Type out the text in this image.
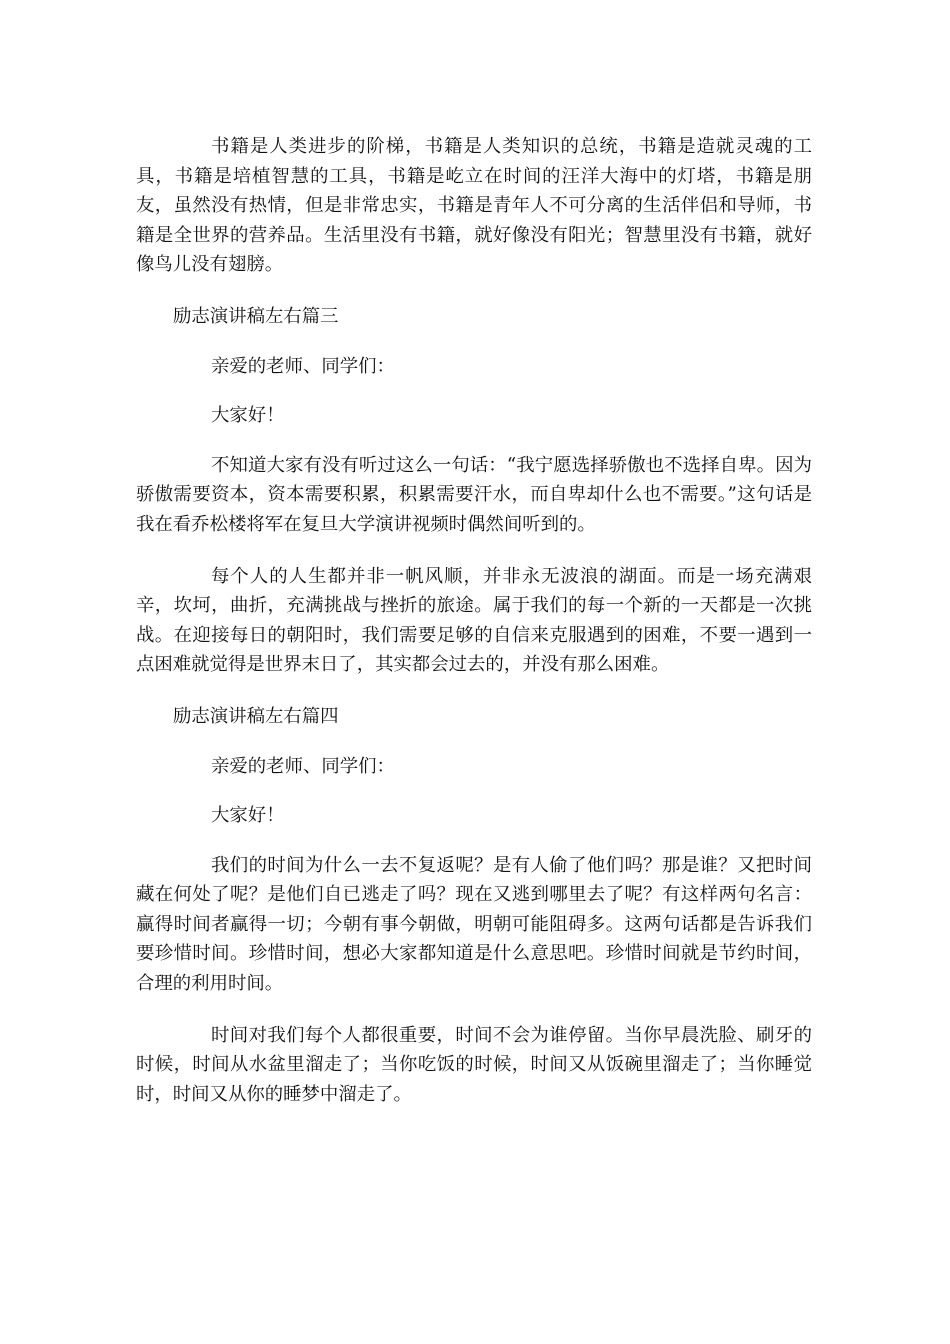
书籍是人类进步的阶梯，书籍是人类知识的总统，书籍是造就灵魂的工具，书籍是培植智慧的工具，书籍是屹立在时间的汪洋大海中的灯塔，书籍是朋友，虽然没有热情，但是非常忠实，书籍是青年人不可分离的生活伴侣和导师，书籍是全世界的营养品。生活里没有书籍，就好像没有阳光；智慧里没有书籍，就好像鸟儿没有翅膀。

励志演讲稿左右篇三

亲爱的老师、同学们：

大家好！

不知道大家有没有听过这么一句话：“我宁愿选择骄傲也不选择自卑。因为骄傲需要资本，资本需要积累，积累需要汗水，而自卑却什么也不需要。”这句话是我在看乔松楼将军在复旦大学演讲视频时偶然间听到的。

每个人的人生都并非一帆风顺，并非永无波浪的湖面。而是一场充满艰辛，坎坷，曲折，充满挑战与挫折的旅途。属于我们的每一个新的一天都是一次挑战。在迎接每日的朝阳时，我们需要足够的自信来克服遇到的困难，不要一遇到一点困难就觉得是世界末日了，其实都会过去的，并没有那么困难。

励志演讲稿左右篇四

亲爱的老师、同学们：

大家好！

我们的时间为什么一去不复返呢？是有人偷了他们吗？那是谁？又把时间藏在何处了呢？是他们自已逃走了吗？现在又逃到哪里去了呢？有这样两句名言：赢得时间者赢得一切；今朝有事今朝做，明朝可能阻碍多。这两句话都是告诉我们要珍惜时间。珍惜时间，想必大家都知道是什么意思吧。珍惜时间就是节约时间，合理的利用时间。

时间对我们每个人都很重要，时间不会为谁停留。当你早晨洗脸、刷牙的时候，时间从水盆里溜走了；当你吃饭的时候，时间又从饭碗里溜走了；当你睡觉时，时间又从你的睡梦中溜走了。
